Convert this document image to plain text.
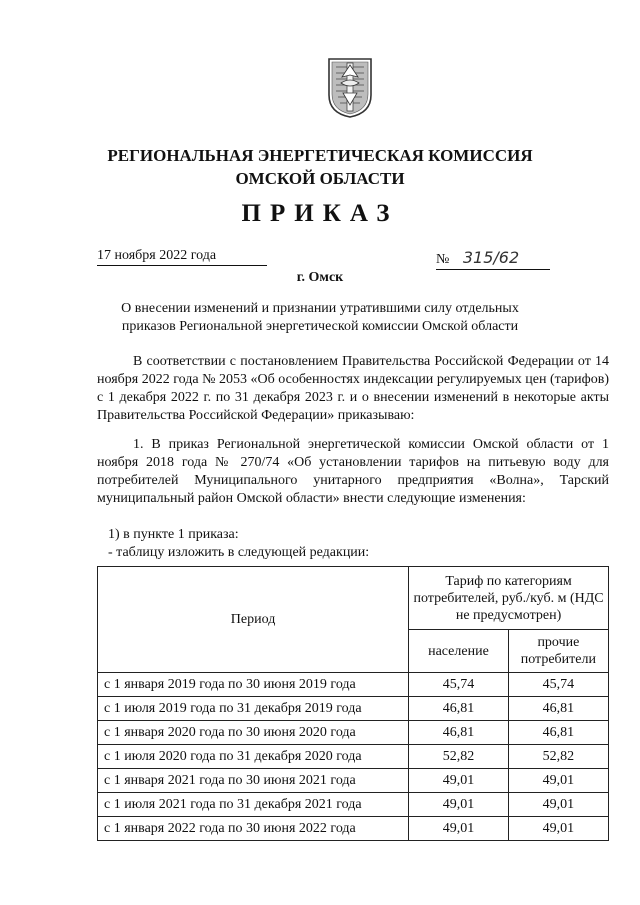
РЕГИОНАЛЬНАЯ ЭНЕРГЕТИЧЕСКАЯ КОМИССИЯ
ОМСКОЙ ОБЛАСТИ
ПРИКАЗ
17 ноября 2022 года	№ 315/62
г. Омск
О внесении изменений и признании утратившими силу отдельных
приказов Региональной энергетической комиссии Омской области
В соответствии с постановлением Правительства Российской Федерации от 14 ноября 2022 года № 2053 «Об особенностях индексации регулируемых цен (тарифов) с 1 декабря 2022 г. по 31 декабря 2023 г. и о внесении изменений в некоторые акты Правительства Российской Федерации» приказываю:
1. В приказ Региональной энергетической комиссии Омской области от 1 ноября 2018 года № 270/74 «Об установлении тарифов на питьевую воду для потребителей Муниципального унитарного предприятия «Волна», Тарский муниципальный район Омской области» внести следующие изменения:
1) в пункте 1 приказа:
- таблицу изложить в следующей редакции:
Период	Тариф по категориям потребителей, руб./куб. м (НДС не предусмотрен)	
	население	прочие потребители
с 1 января 2019 года по 30 июня 2019 года	45,74	45,74
с 1 июля 2019 года по 31 декабря 2019 года	46,81	46,81
с 1 января 2020 года по 30 июня 2020 года	46,81	46,81
с 1 июля 2020 года по 31 декабря 2020 года	52,82	52,82
с 1 января 2021 года по 30 июня 2021 года	49,01	49,01
с 1 июля 2021 года по 31 декабря 2021 года	49,01	49,01
с 1 января 2022 года по 30 июня 2022 года	49,01	49,01
